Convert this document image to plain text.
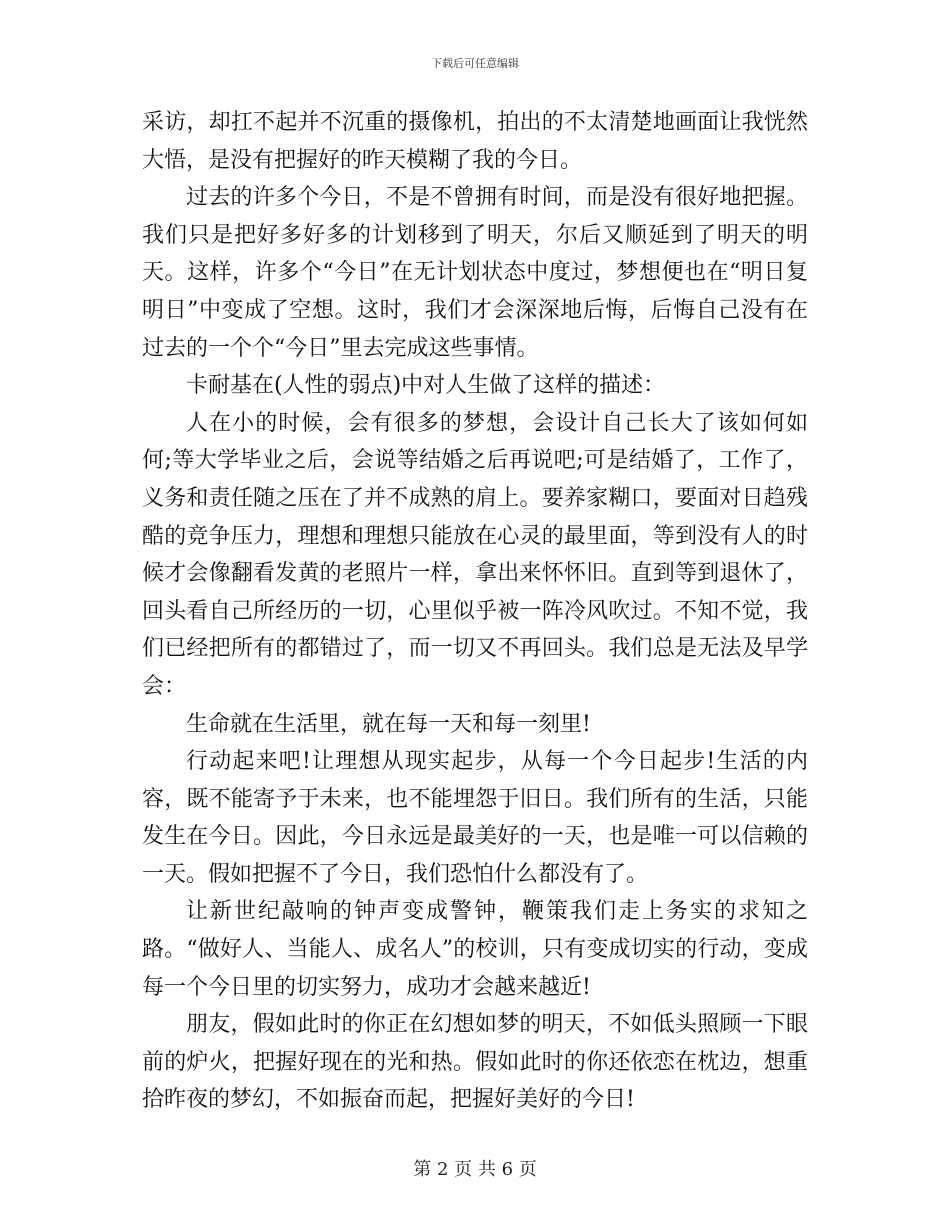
下载后可任意编辑

采访，却扛不起并不沉重的摄像机，拍出的不太清楚地画面让我恍然大悟，是没有把握好的昨天模糊了我的今日。

过去的许多个今日，不是不曾拥有时间，而是没有很好地把握。我们只是把好多好多的计划移到了明天，尔后又顺延到了明天的明天。这样，许多个“今日”在无计划状态中度过，梦想便也在“明日复明日”中变成了空想。这时，我们才会深深地后悔，后悔自己没有在过去的一个个“今日”里去完成这些事情。

卡耐基在(人性的弱点)中对人生做了这样的描述：

人在小的时候，会有很多的梦想，会设计自己长大了该如何如何;等大学毕业之后，会说等结婚之后再说吧;可是结婚了，工作了，义务和责任随之压在了并不成熟的肩上。要养家糊口，要面对日趋残酷的竞争压力，理想和理想只能放在心灵的最里面，等到没有人的时候才会像翻看发黄的老照片一样，拿出来怀怀旧。直到等到退休了，回头看自己所经历的一切，心里似乎被一阵冷风吹过。不知不觉，我们已经把所有的都错过了，而一切又不再回头。我们总是无法及早学会：

生命就在生活里，就在每一天和每一刻里!

行动起来吧!让理想从现实起步，从每一个今日起步!生活的内容，既不能寄予于未来，也不能埋怨于旧日。我们所有的生活，只能发生在今日。因此，今日永远是最美好的一天，也是唯一可以信赖的一天。假如把握不了今日，我们恐怕什么都没有了。

让新世纪敲响的钟声变成警钟，鞭策我们走上务实的求知之路。“做好人、当能人、成名人”的校训，只有变成切实的行动，变成每一个今日里的切实努力，成功才会越来越近!

朋友，假如此时的你正在幻想如梦的明天，不如低头照顾一下眼前的炉火，把握好现在的光和热。假如此时的你还依恋在枕边，想重拾昨夜的梦幻，不如振奋而起，把握好美好的今日!

第 2 页 共 6 页
